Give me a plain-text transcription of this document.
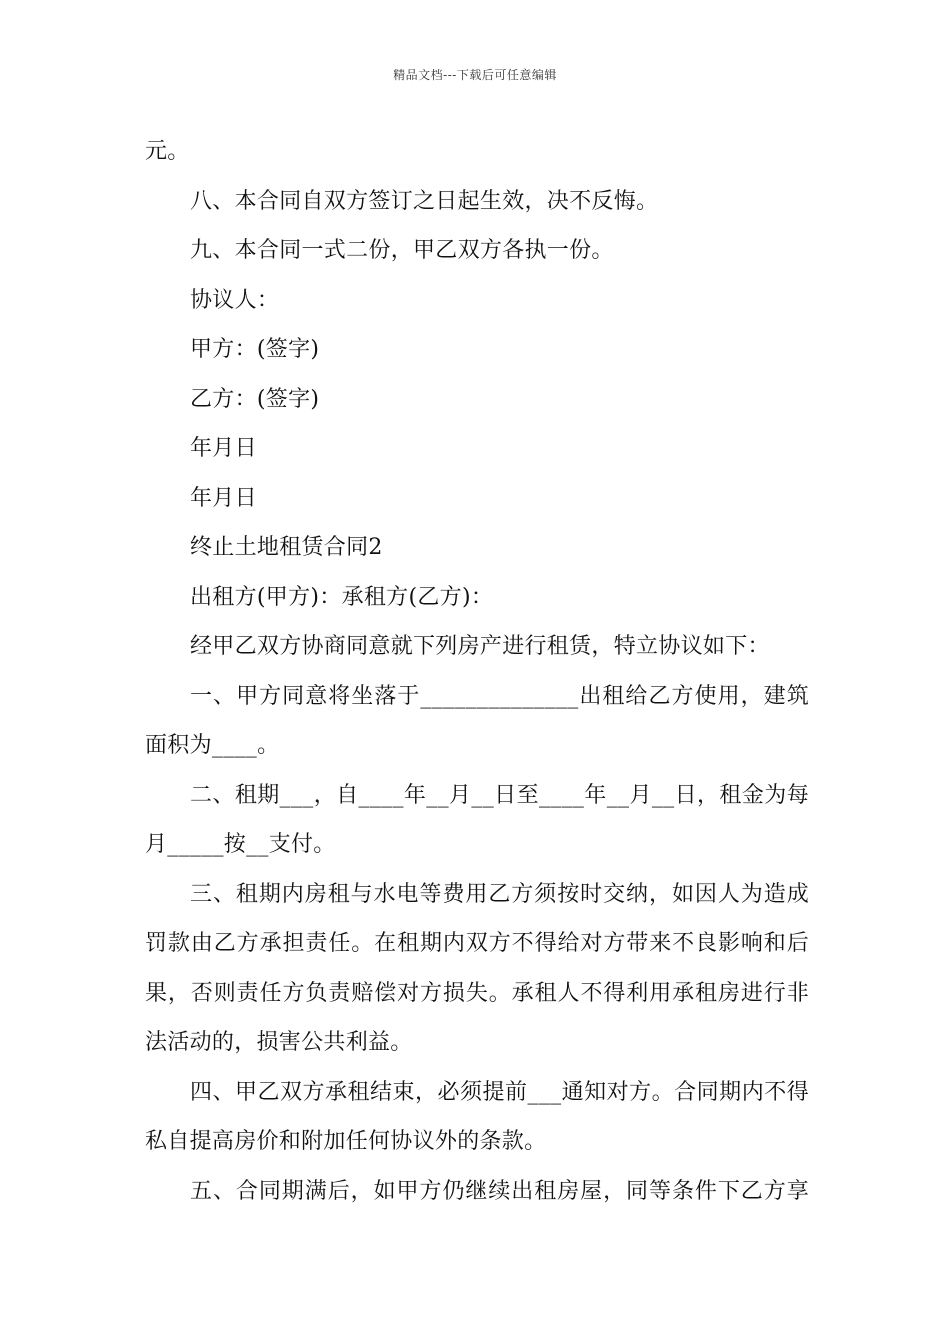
精品文档---下载后可任意编辑
元。
八、本合同自双方签订之日起生效，决不反悔。
九、本合同一式二份，甲乙双方各执一份。
协议人：
甲方：(签字)
乙方：(签字)
年月日
年月日
终止土地租赁合同2
出租方(甲方)：承租方(乙方)：
经甲乙双方协商同意就下列房产进行租赁，特立协议如下：
一、甲方同意将坐落于______________出租给乙方使用，建筑
面积为____。
二、租期___，自____年__月__日至____年__月__日，租金为每
月_____按__支付。
三、租期内房租与水电等费用乙方须按时交纳，如因人为造成
罚款由乙方承担责任。在租期内双方不得给对方带来不良影响和后
果，否则责任方负责赔偿对方损失。承租人不得利用承租房进行非
法活动的，损害公共利益。
四、甲乙双方承租结束，必须提前___通知对方。合同期内不得
私自提高房价和附加任何协议外的条款。
五、合同期满后，如甲方仍继续出租房屋，同等条件下乙方享
